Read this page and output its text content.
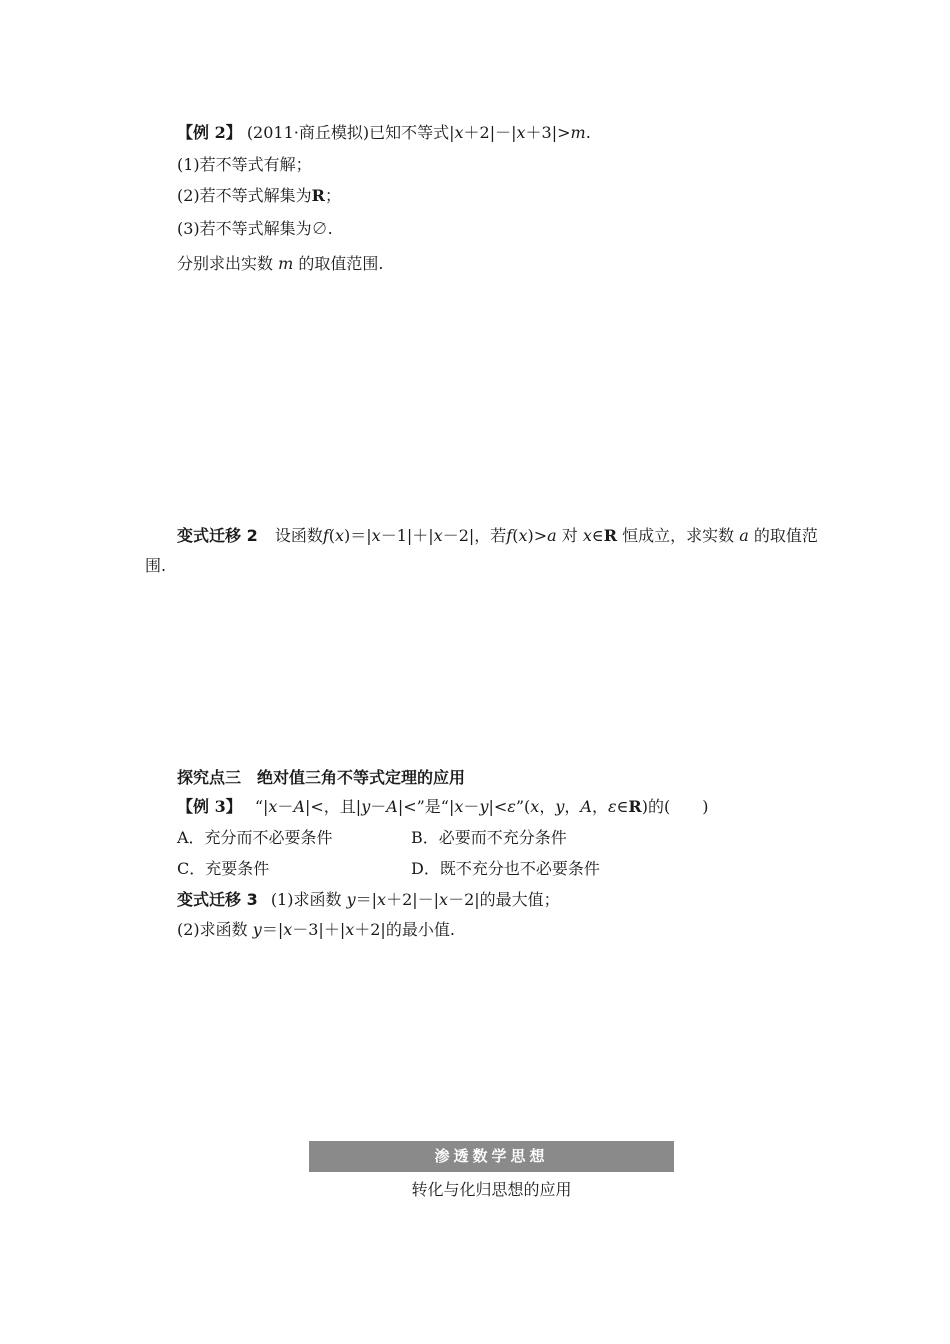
【例 2】 (2011·商丘模拟)已知不等式|x＋2|－|x＋3|>m.
(1)若不等式有解；
(2)若不等式解集为R；
(3)若不等式解集为∅.
分别求出实数 m 的取值范围.
变式迁移 2 设函数f(x)＝|x－1|＋|x－2|，若f(x)>a 对 x∈R 恒成立，求实数 a 的取值范
围.
探究点三　绝对值三角不等式定理的应用
【例 3】 “|x－A|<，且|y－A|<”是“|x－y|<ε”(x，y，A，ε∈R)的(　　)
A．充分而不必要条件	B．必要而不充分条件
C．充要条件	D．既不充分也不必要条件
变式迁移 3 (1)求函数 y＝|x＋2|－|x－2|的最大值；
(2)求函数 y＝|x－3|＋|x＋2|的最小值.
渗透数学思想
转化与化归思想的应用
